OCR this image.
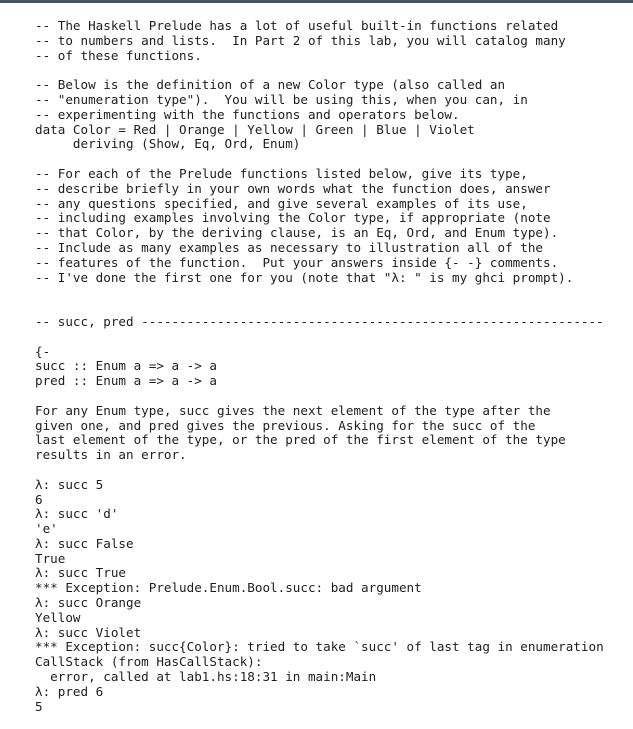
-- The Haskell Prelude has a lot of useful built-in functions related
-- to numbers and lists.  In Part 2 of this lab, you will catalog many
-- of these functions.
-- Below is the definition of a new Color type (also called an
-- "enumeration type").  You will be using this, when you can, in
-- experimenting with the functions and operators below.
data Color = Red | Orange | Yellow | Green | Blue | Violet
deriving (Show, Eq, Ord, Enum)
-- For each of the Prelude functions listed below, give its type,
-- describe briefly in your own words what the function does, answer
-- any questions specified, and give several examples of its use,
-- including examples involving the Color type, if appropriate (note
-- that Color, by the deriving clause, is an Eq, Ord, and Enum type).
-- Include as many examples as necessary to illustration all of the
-- features of the function.  Put your answers inside {- -} comments.
-- I've done the first one for you (note that "λ: " is my ghci prompt).
-- succ, pred -------------------------------------------------------------
{-
succ :: Enum a => a -> a
pred :: Enum a => a -> a
For any Enum type, succ gives the next element of the type after the
given one, and pred gives the previous. Asking for the succ of the
last element of the type, or the pred of the first element of the type
results in an error.
λ: succ 5
6
λ: succ 'd'
'e'
λ: succ False
True
λ: succ True
*** Exception: Prelude.Enum.Bool.succ: bad argument
λ: succ Orange
Yellow
λ: succ Violet
*** Exception: succ{Color}: tried to take `succ' of last tag in enumeration
CallStack (from HasCallStack):
error, called at lab1.hs:18:31 in main:Main
λ: pred 6
5
